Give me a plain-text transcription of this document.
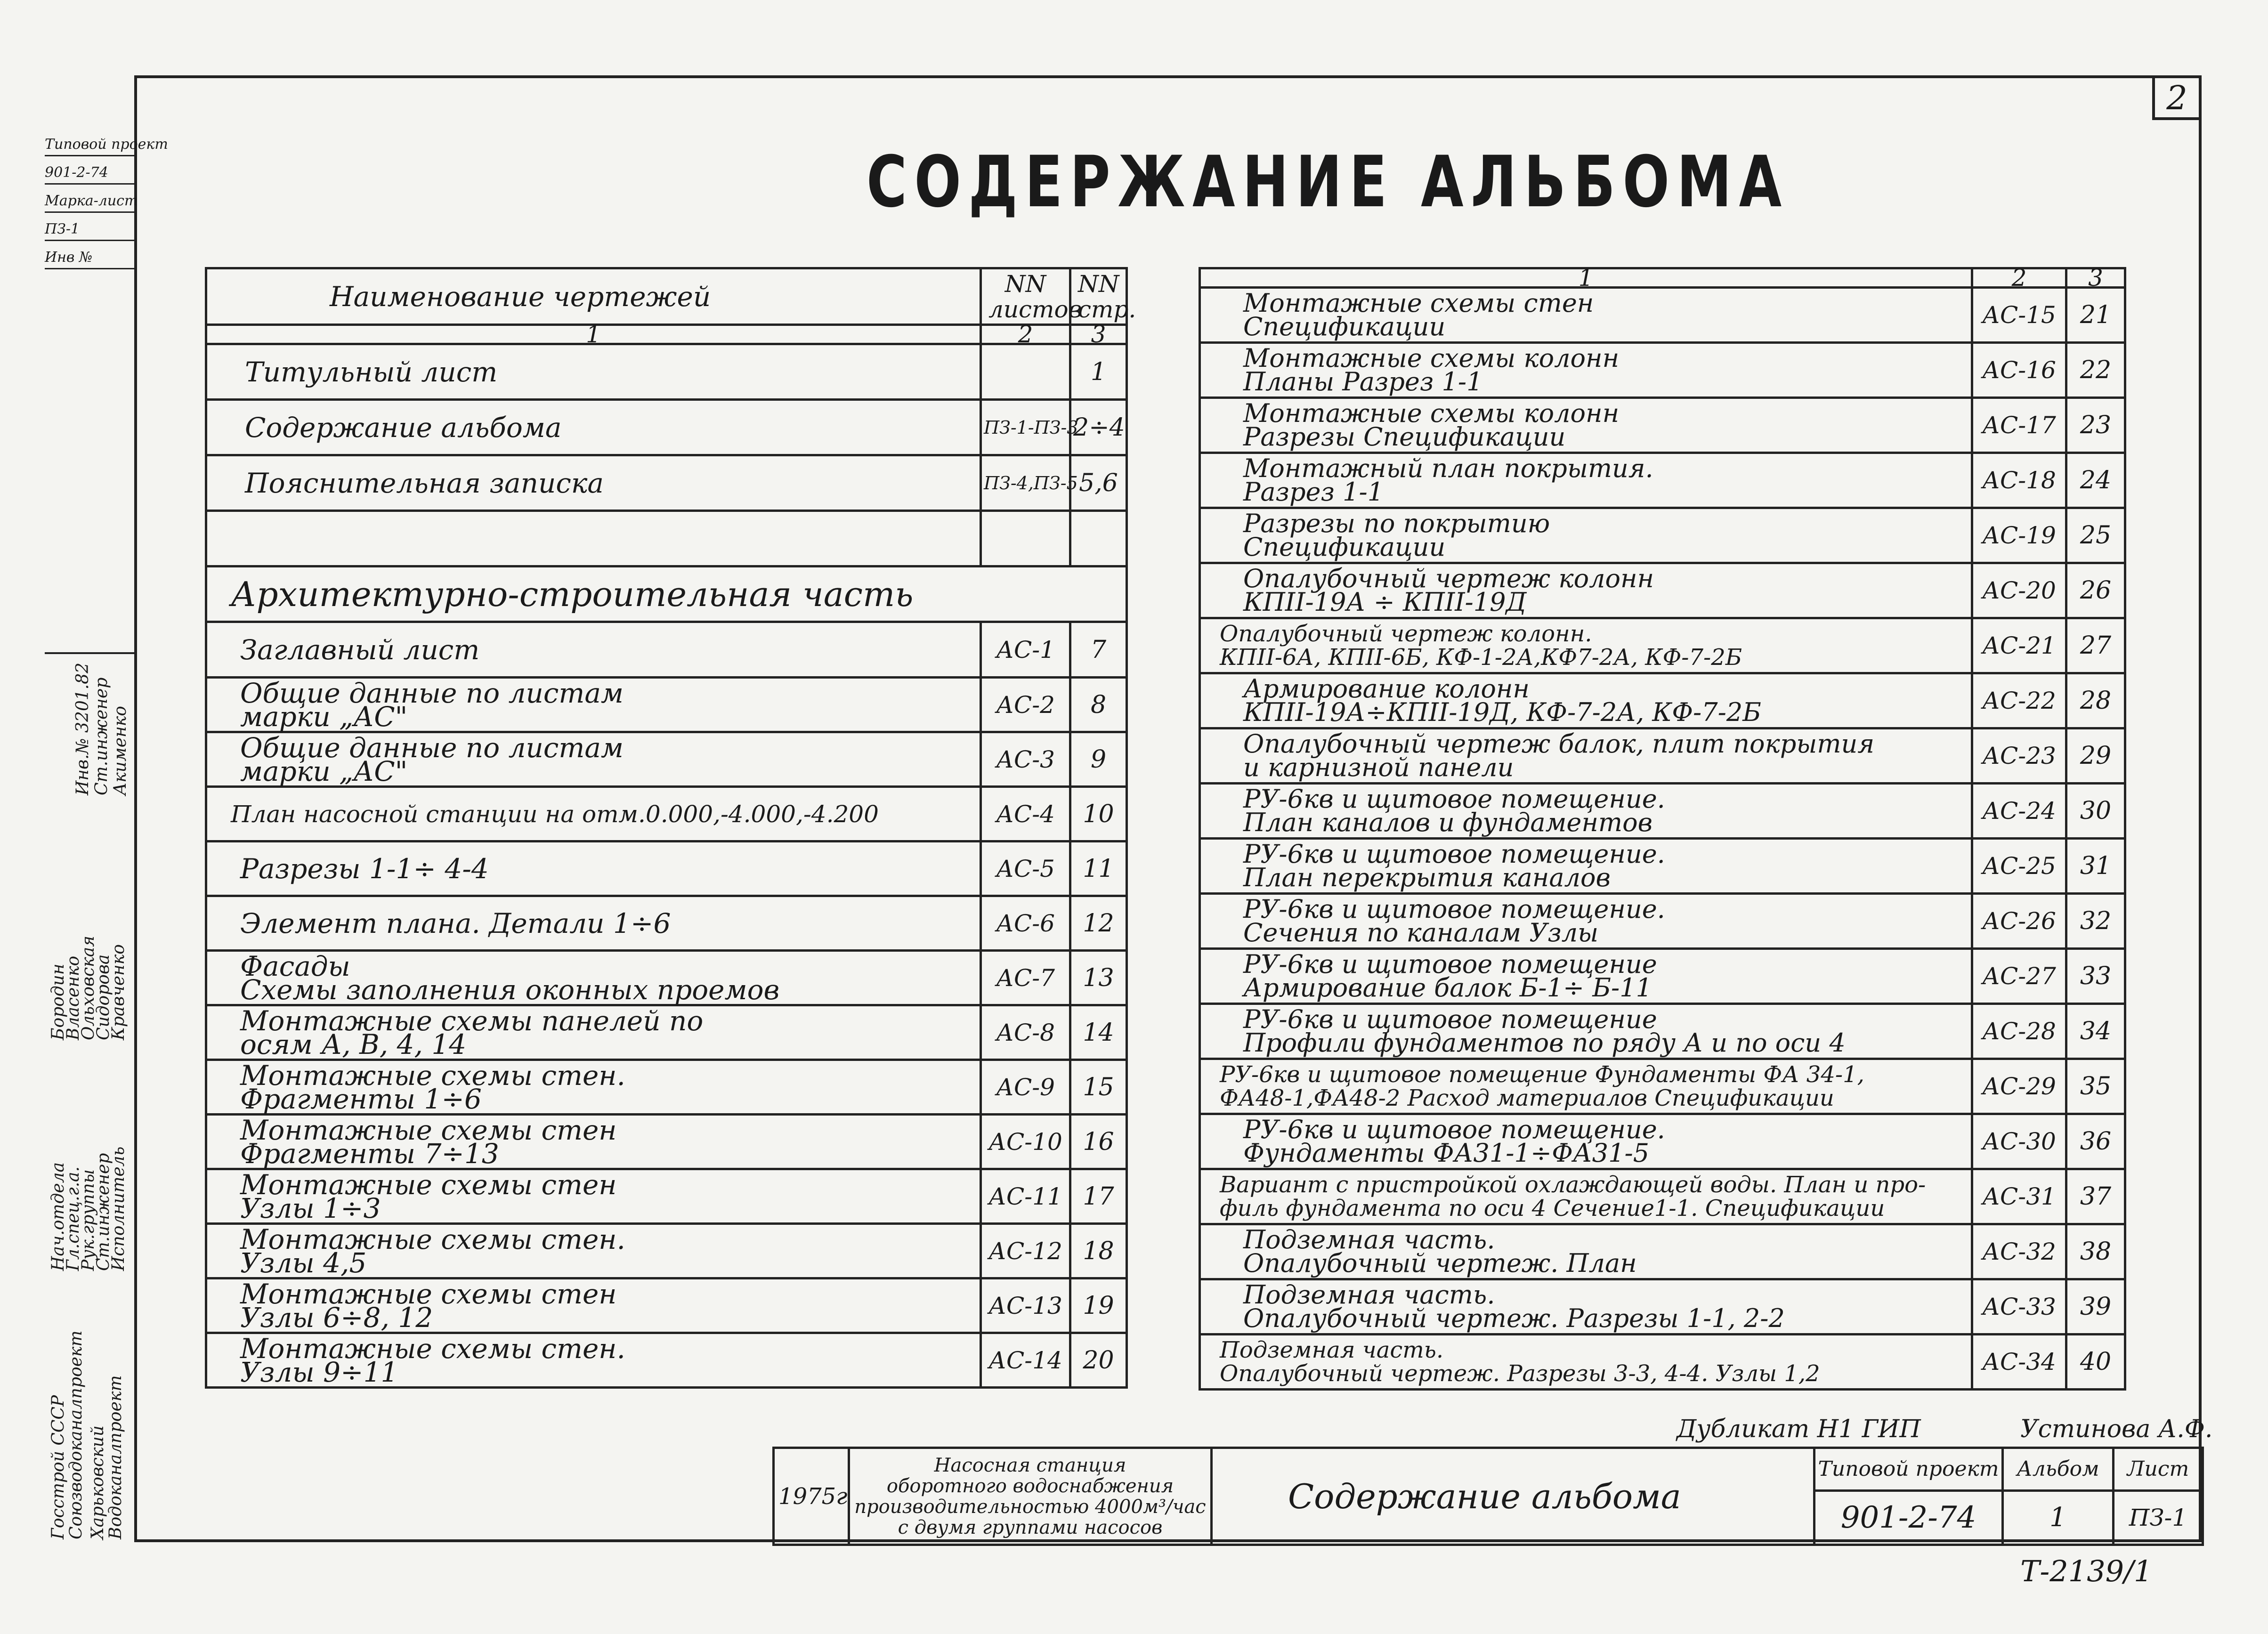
2
Типовой проект
901-2-74
Марка-лист
ПЗ-1
Инв №
Госстрой СССР
Союзводоканалпроект Харьковский
Водоканалпроект
Нач.отдела
Гл.спец.г.а.
Рук.группы
Ст.инженер
Исполнитель
Бородин
Власенко
Ольховская
Сидорова
Кравченко
Инв.№ 3201.82 Ст.инженер Акименко
СОДЕРЖАНИЕ АЛЬБОМА
Наименование чертежей	NN листов	NN стр.
1	2	3
Титульный лист		1
Содержание альбома	ПЗ-1-ПЗ-3	2÷4
Пояснительная записка	ПЗ-4,ПЗ-5	5,6

Архитектурно-строительная часть		
Заглавный лист	АС-1	7

Общие данные по листам
марки „АС"	АС-2	8

Общие данные по листам
марки „АС"	АС-3	9
План насосной станции на отм.0.000,-4.000,-4.200	АС-4	10
Разрезы 1-1÷ 4-4	АС-5	11
Элемент плана. Детали 1÷6	АС-6	12

Фасады
Схемы заполнения оконных проемов	АС-7	13

Монтажные схемы панелей по
осям А, В, 4, 14	АС-8	14

Монтажные схемы стен.
Фрагменты 1÷6	АС-9	15

Монтажные схемы стен
Фрагменты 7÷13	АС-10	16

Монтажные схемы стен
Узлы 1÷3	АС-11	17

Монтажные схемы стен.
Узлы 4,5	АС-12	18

Монтажные схемы стен
Узлы 6÷8, 12	АС-13	19

Монтажные схемы стен.
Узлы 9÷11	АС-14	20
1	2	3

Монтажные схемы стен
Спецификации	АС-15	21

Монтажные схемы колонн
Планы Разрез 1-1	АС-16	22

Монтажные схемы колонн
Разрезы Спецификации	АС-17	23

Монтажный план покрытия.
Разрез 1-1	АС-18	24

Разрезы по покрытию
Спецификации	АС-19	25

Опалубочный чертеж колонн
КПII-19А ÷ КПII-19Д	АС-20	26

Опалубочный чертеж колонн.
КПII-6А, КПII-6Б, КФ-1-2А,КФ7-2А, КФ-7-2Б	АС-21	27

Армирование колонн
КПII-19А÷КПII-19Д, КФ-7-2А, КФ-7-2Б	АС-22	28

Опалубочный чертеж балок, плит покрытия
и карнизной панели	АС-23	29

РУ-6кв и щитовое помещение.
План каналов и фундаментов	АС-24	30

РУ-6кв и щитовое помещение.
План перекрытия каналов	АС-25	31

РУ-6кв и щитовое помещение.
Сечения по каналам Узлы	АС-26	32

РУ-6кв и щитовое помещение
Армирование балок Б-1÷ Б-11	АС-27	33

РУ-6кв и щитовое помещение
Профили фундаментов по ряду А и по оси 4	АС-28	34

РУ-6кв и щитовое помещение Фундаменты ФА 34-1,
ФА48-1,ФА48-2 Расход материалов Спецификации	АС-29	35

РУ-6кв и щитовое помещение.
Фундаменты ФА31-1÷ФА31-5	АС-30	36

Вариант с пристройкой охлаждающей воды. План и про-
филь фундамента по оси 4 Сечение1-1. Спецификации	АС-31	37

Подземная часть.
Опалубочный чертеж. План	АС-32	38

Подземная часть.
Опалубочный чертеж. Разрезы 1-1, 2-2	АС-33	39

Подземная часть.
Опалубочный чертеж. Разрезы 3-3, 4-4. Узлы 1,2	АС-34	40
Дубликат Н1 ГИП	Устинова А.Ф.
1975г	
Насосная станция
оборотного водоснабжения
производительностью 4000м³/час
с двумя группами насосов
	Содержание альбома	
Типовой проект
901-2-74

Альбом
1

Лист
ПЗ-1
Т-2139/1
